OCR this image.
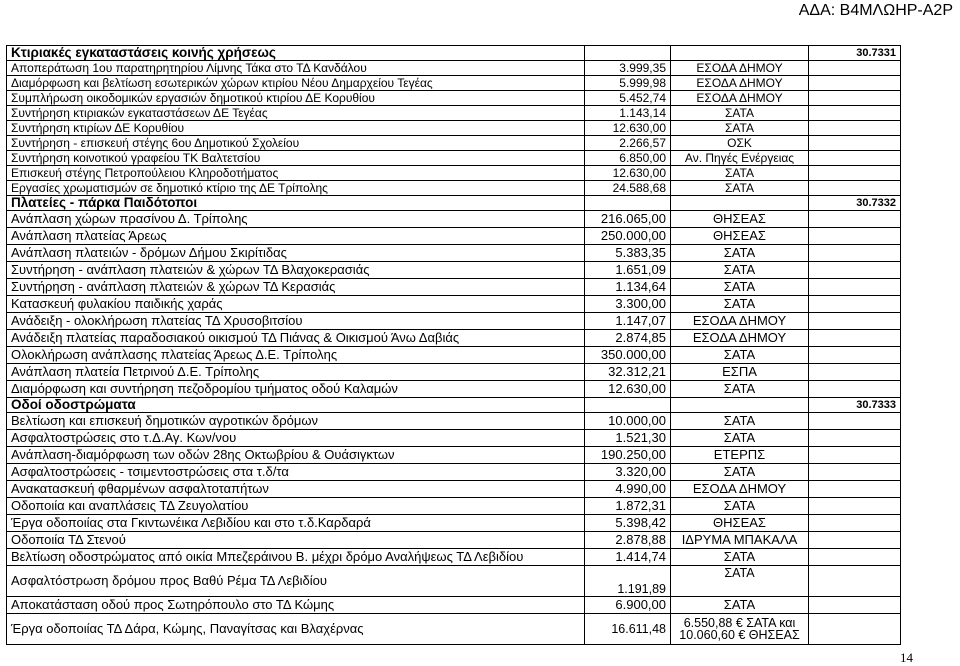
ΑΔΑ: Β4ΜΛΩΗΡ-Α2Ρ
Κτιριακές εγκαταστάσεις κοινής χρήσεως			30.7331
Αποπεράτωση 1ου παρατηρητηρίου Λίμνης Τάκα στο ΤΔ Κανδάλου	3.999,35	ΕΣΟΔΑ ΔΗΜΟΥ	
Διαμόρφωση και βελτίωση εσωτερικών χώρων κτιρίου Νέου Δημαρχείου Τεγέας	5.999,98	ΕΣΟΔΑ ΔΗΜΟΥ	
Συμπλήρωση οικοδομικών εργασιών δημοτικού κτιρίου ΔΕ Κορυθίου	5.452,74	ΕΣΟΔΑ ΔΗΜΟΥ	
Συντήρηση κτιριακών εγκαταστάσεων ΔΕ Τεγέας	1.143,14	ΣΑΤΑ	
Συντήρηση κτιρίων ΔΕ Κορυθίου	12.630,00	ΣΑΤΑ	
Συντήρηση - επισκευή στέγης 6ου Δημοτικού Σχολείου	2.266,57	ΟΣΚ	
Συντήρηση κοινοτικού γραφείου ΤΚ Βαλτετσίου	6.850,00	Αν. Πηγές Ενέργειας	
Επισκευή στέγης Πετροπούλειου Κληροδοτήματος	12.630,00	ΣΑΤΑ	
Εργασίες χρωματισμών σε δημοτικό κτίριο της ΔΕ Τρίπολης	24.588,68	ΣΑΤΑ	
Πλατείες - πάρκα Παιδότοποι			30.7332
Ανάπλαση χώρων πρασίνου Δ. Τρίπολης	216.065,00	ΘΗΣΕΑΣ	
Ανάπλαση πλατείας Άρεως	250.000,00	ΘΗΣΕΑΣ	
Ανάπλαση πλατειών - δρόμων Δήμου Σκιρίτιδας	5.383,35	ΣΑΤΑ	
Συντήρηση - ανάπλαση πλατειών & χώρων ΤΔ Βλαχοκερασιάς	1.651,09	ΣΑΤΑ	
Συντήρηση - ανάπλαση πλατειών & χώρων ΤΔ Κερασιάς	1.134,64	ΣΑΤΑ	
Κατασκευή φυλακίου παιδικής χαράς	3.300,00	ΣΑΤΑ	
Ανάδειξη - ολοκλήρωση πλατείας ΤΔ Χρυσοβιτσίου	1.147,07	ΕΣΟΔΑ ΔΗΜΟΥ	
Ανάδειξη πλατείας παραδοσιακού οικισμού ΤΔ Πιάνας & Οικισμού Άνω Δαβιάς	2.874,85	ΕΣΟΔΑ ΔΗΜΟΥ	
Ολοκλήρωση ανάπλασης πλατείας Άρεως Δ.Ε. Τρίπολης	350.000,00	ΣΑΤΑ	
Ανάπλαση πλατεία Πετρινού Δ.Ε. Τρίπολης	32.312,21	ΕΣΠΑ	
Διαμόρφωση και συντήρηση πεζοδρομίου τμήματος οδού Καλαμών	12.630,00	ΣΑΤΑ	
Οδοί οδοστρώματα			30.7333
Βελτίωση και επισκευή δημοτικών αγροτικών δρόμων	10.000,00	ΣΑΤΑ	
Ασφαλτοστρώσεις στο τ.Δ.Αγ. Κων/νου	1.521,30	ΣΑΤΑ	
Ανάπλαση-διαμόρφωση των οδών 28ης Οκτωβρίου & Ουάσιγκτων	190.250,00	ΕΤΕΡΠΣ	
Ασφαλτοστρώσεις - τσιμεντοστρώσεις στα τ.δ/τα	3.320,00	ΣΑΤΑ	
Ανακατασκευή φθαρμένων ασφαλτοταπήτων	4.990,00	ΕΣΟΔΑ ΔΗΜΟΥ	
Οδοποιία και αναπλάσεις ΤΔ Ζευγολατίου	1.872,31	ΣΑΤΑ	
Έργα οδοποιίας στα Γκιντωνέικα Λεβιδίου και στο τ.δ.Καρδαρά	5.398,42	ΘΗΣΕΑΣ	
Οδοποιία ΤΔ Στενού	2.878,88	ΙΔΡΥΜΑ ΜΠΑΚΑΛΑ	
Βελτίωση οδοστρώματος από οικία Μπεζεράινου Β. μέχρι δρόμο Αναλήψεως ΤΔ Λεβιδίου	1.414,74	ΣΑΤΑ	
Ασφαλτόστρωση δρόμου προς Βαθύ Ρέμα ΤΔ Λεβιδίου	1.191,89	ΣΑΤΑ	
Αποκατάσταση οδού προς Σωτηρόπουλο στο ΤΔ Κώμης	6.900,00	ΣΑΤΑ	
Έργα οδοποιίας ΤΔ Δάρα, Κώμης, Παναγίτσας και Βλαχέρνας	16.611,48	6.550,88 € ΣΑΤΑ και
10.060,60 € ΘΗΣΕΑΣ	

14
